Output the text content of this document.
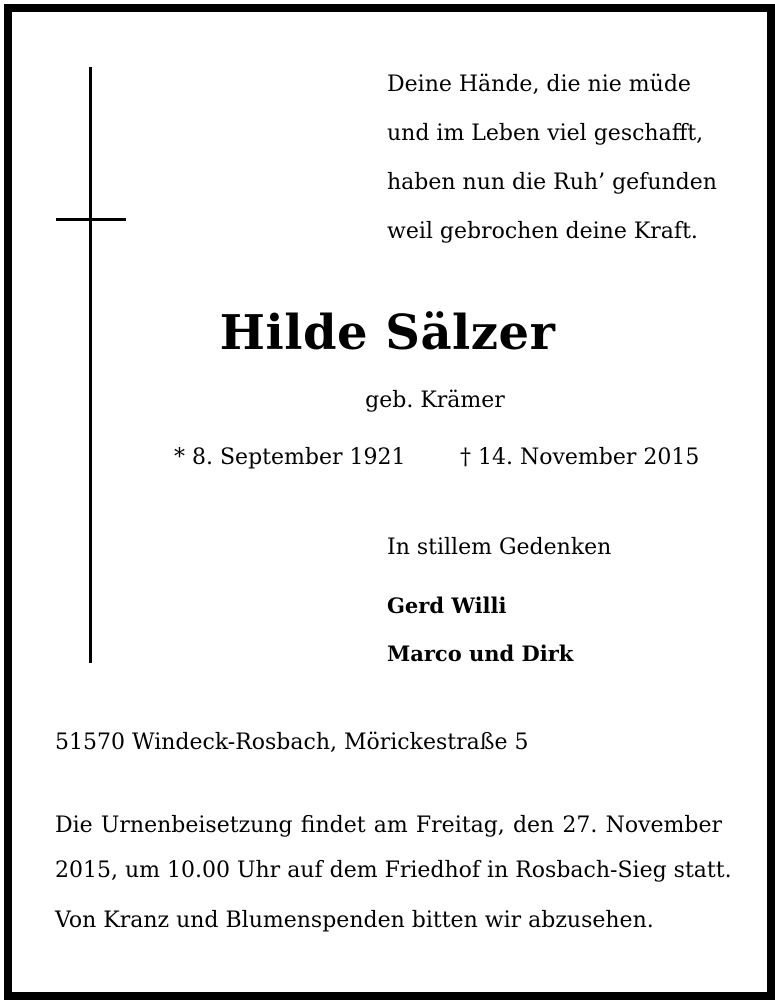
Deine Hände, die nie müde
und im Leben viel geschafft,
haben nun die Ruh’ gefunden
weil gebrochen deine Kraft.
Hilde Sälzer
geb. Krämer
* 8. September 1921 † 14. November 2015
In stillem Gedenken
Gerd Willi
Marco und Dirk
51570 Windeck-Rosbach, Mörickestraße 5
Die Urnenbeisetzung findet am Freitag, den 27. November
2015, um 10.00 Uhr auf dem Friedhof in Rosbach-Sieg statt.
Von Kranz und Blumenspenden bitten wir abzusehen.
